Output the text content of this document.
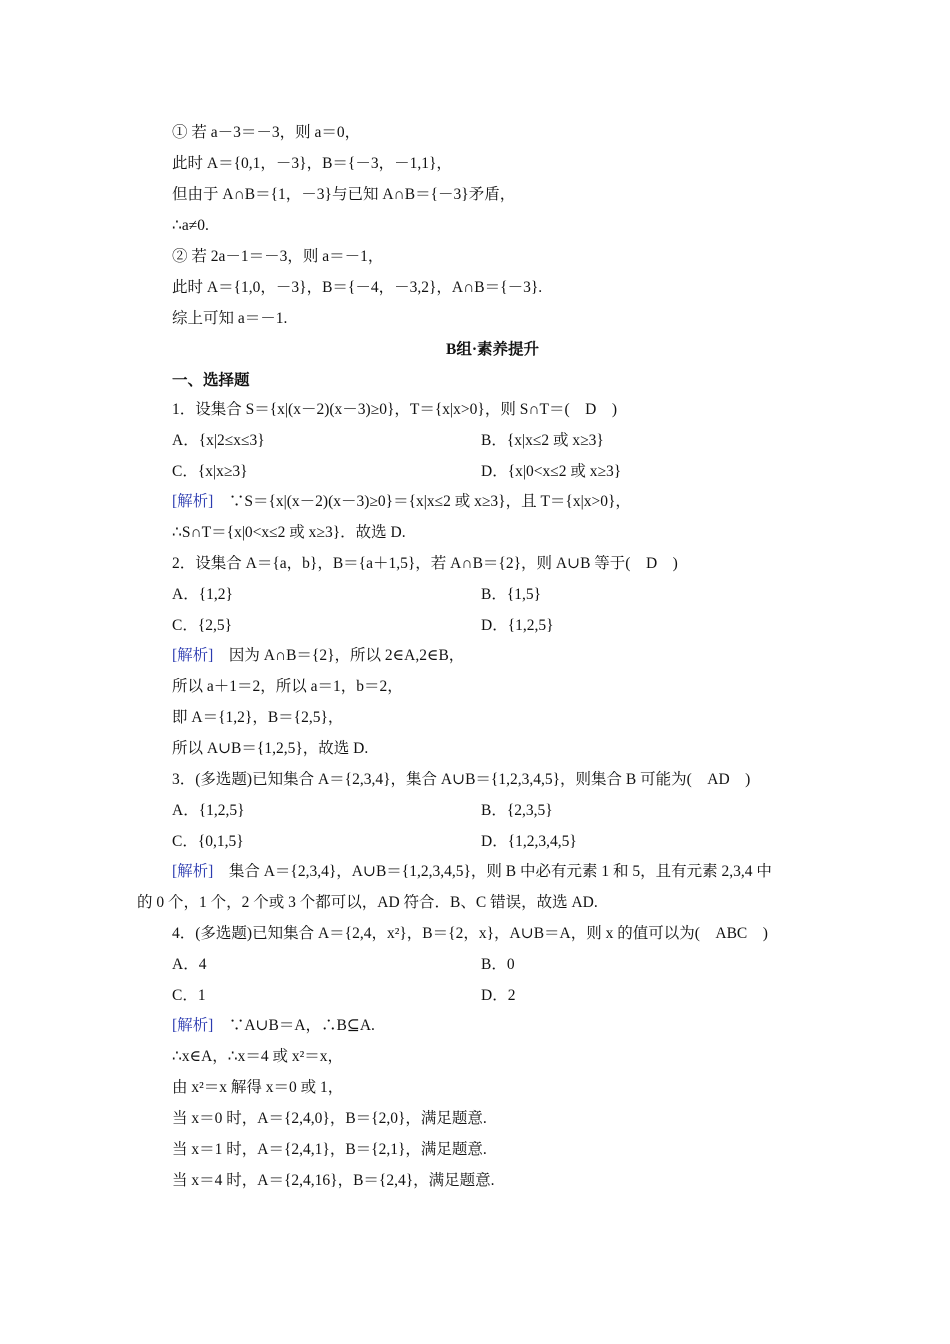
① 若 a－3＝－3，则 a＝0，
此时 A＝{0,1，－3}，B＝{－3，－1,1}，
但由于 A∩B＝{1，－3}与已知 A∩B＝{－3}矛盾，
∴a≠0.
② 若 2a－1＝－3，则 a＝－1，
此时 A＝{1,0，－3}，B＝{－4，－3,2}，A∩B＝{－3}.
综上可知 a＝－1.
B组·素养提升
一、选择题
1．设集合 S＝{x|(x－2)(x－3)≥0}，T＝{x|x>0}，则 S∩T＝(　D　)
A．{x|2≤x≤3}	B．{x|x≤2 或 x≥3}
C．{x|x≥3}	D．{x|0<x≤2 或 x≥3}
[解析]　∵S＝{x|(x－2)(x－3)≥0}＝{x|x≤2 或 x≥3}，且 T＝{x|x>0}，
∴S∩T＝{x|0<x≤2 或 x≥3}．故选 D.
2．设集合 A＝{a，b}，B＝{a＋1,5}，若 A∩B＝{2}，则 A∪B 等于(　D　)
A．{1,2}	B．{1,5}
C．{2,5}	D．{1,2,5}
[解析]　因为 A∩B＝{2}，所以 2∈A,2∈B，
所以 a＋1＝2，所以 a＝1，b＝2，
即 A＝{1,2}，B＝{2,5}，
所以 A∪B＝{1,2,5}，故选 D.
3．(多选题)已知集合 A＝{2,3,4}，集合 A∪B＝{1,2,3,4,5}，则集合 B 可能为(　AD　)
A．{1,2,5}	B．{2,3,5}
C．{0,1,5}	D．{1,2,3,4,5}
[解析]　集合 A＝{2,3,4}，A∪B＝{1,2,3,4,5}，则 B 中必有元素 1 和 5，且有元素 2,3,4 中
的 0 个，1 个，2 个或 3 个都可以，AD 符合．B、C 错误，故选 AD.
4．(多选题)已知集合 A＝{2,4，x²}，B＝{2，x}，A∪B＝A，则 x 的值可以为(　ABC　)
A．4	B．0
C．1	D．2
[解析]　∵A∪B＝A，∴B⊆A.
∴x∈A，∴x＝4 或 x²＝x，
由 x²＝x 解得 x＝0 或 1，
当 x＝0 时，A＝{2,4,0}，B＝{2,0}，满足题意.
当 x＝1 时，A＝{2,4,1}，B＝{2,1}，满足题意.
当 x＝4 时，A＝{2,4,16}，B＝{2,4}，满足题意.
